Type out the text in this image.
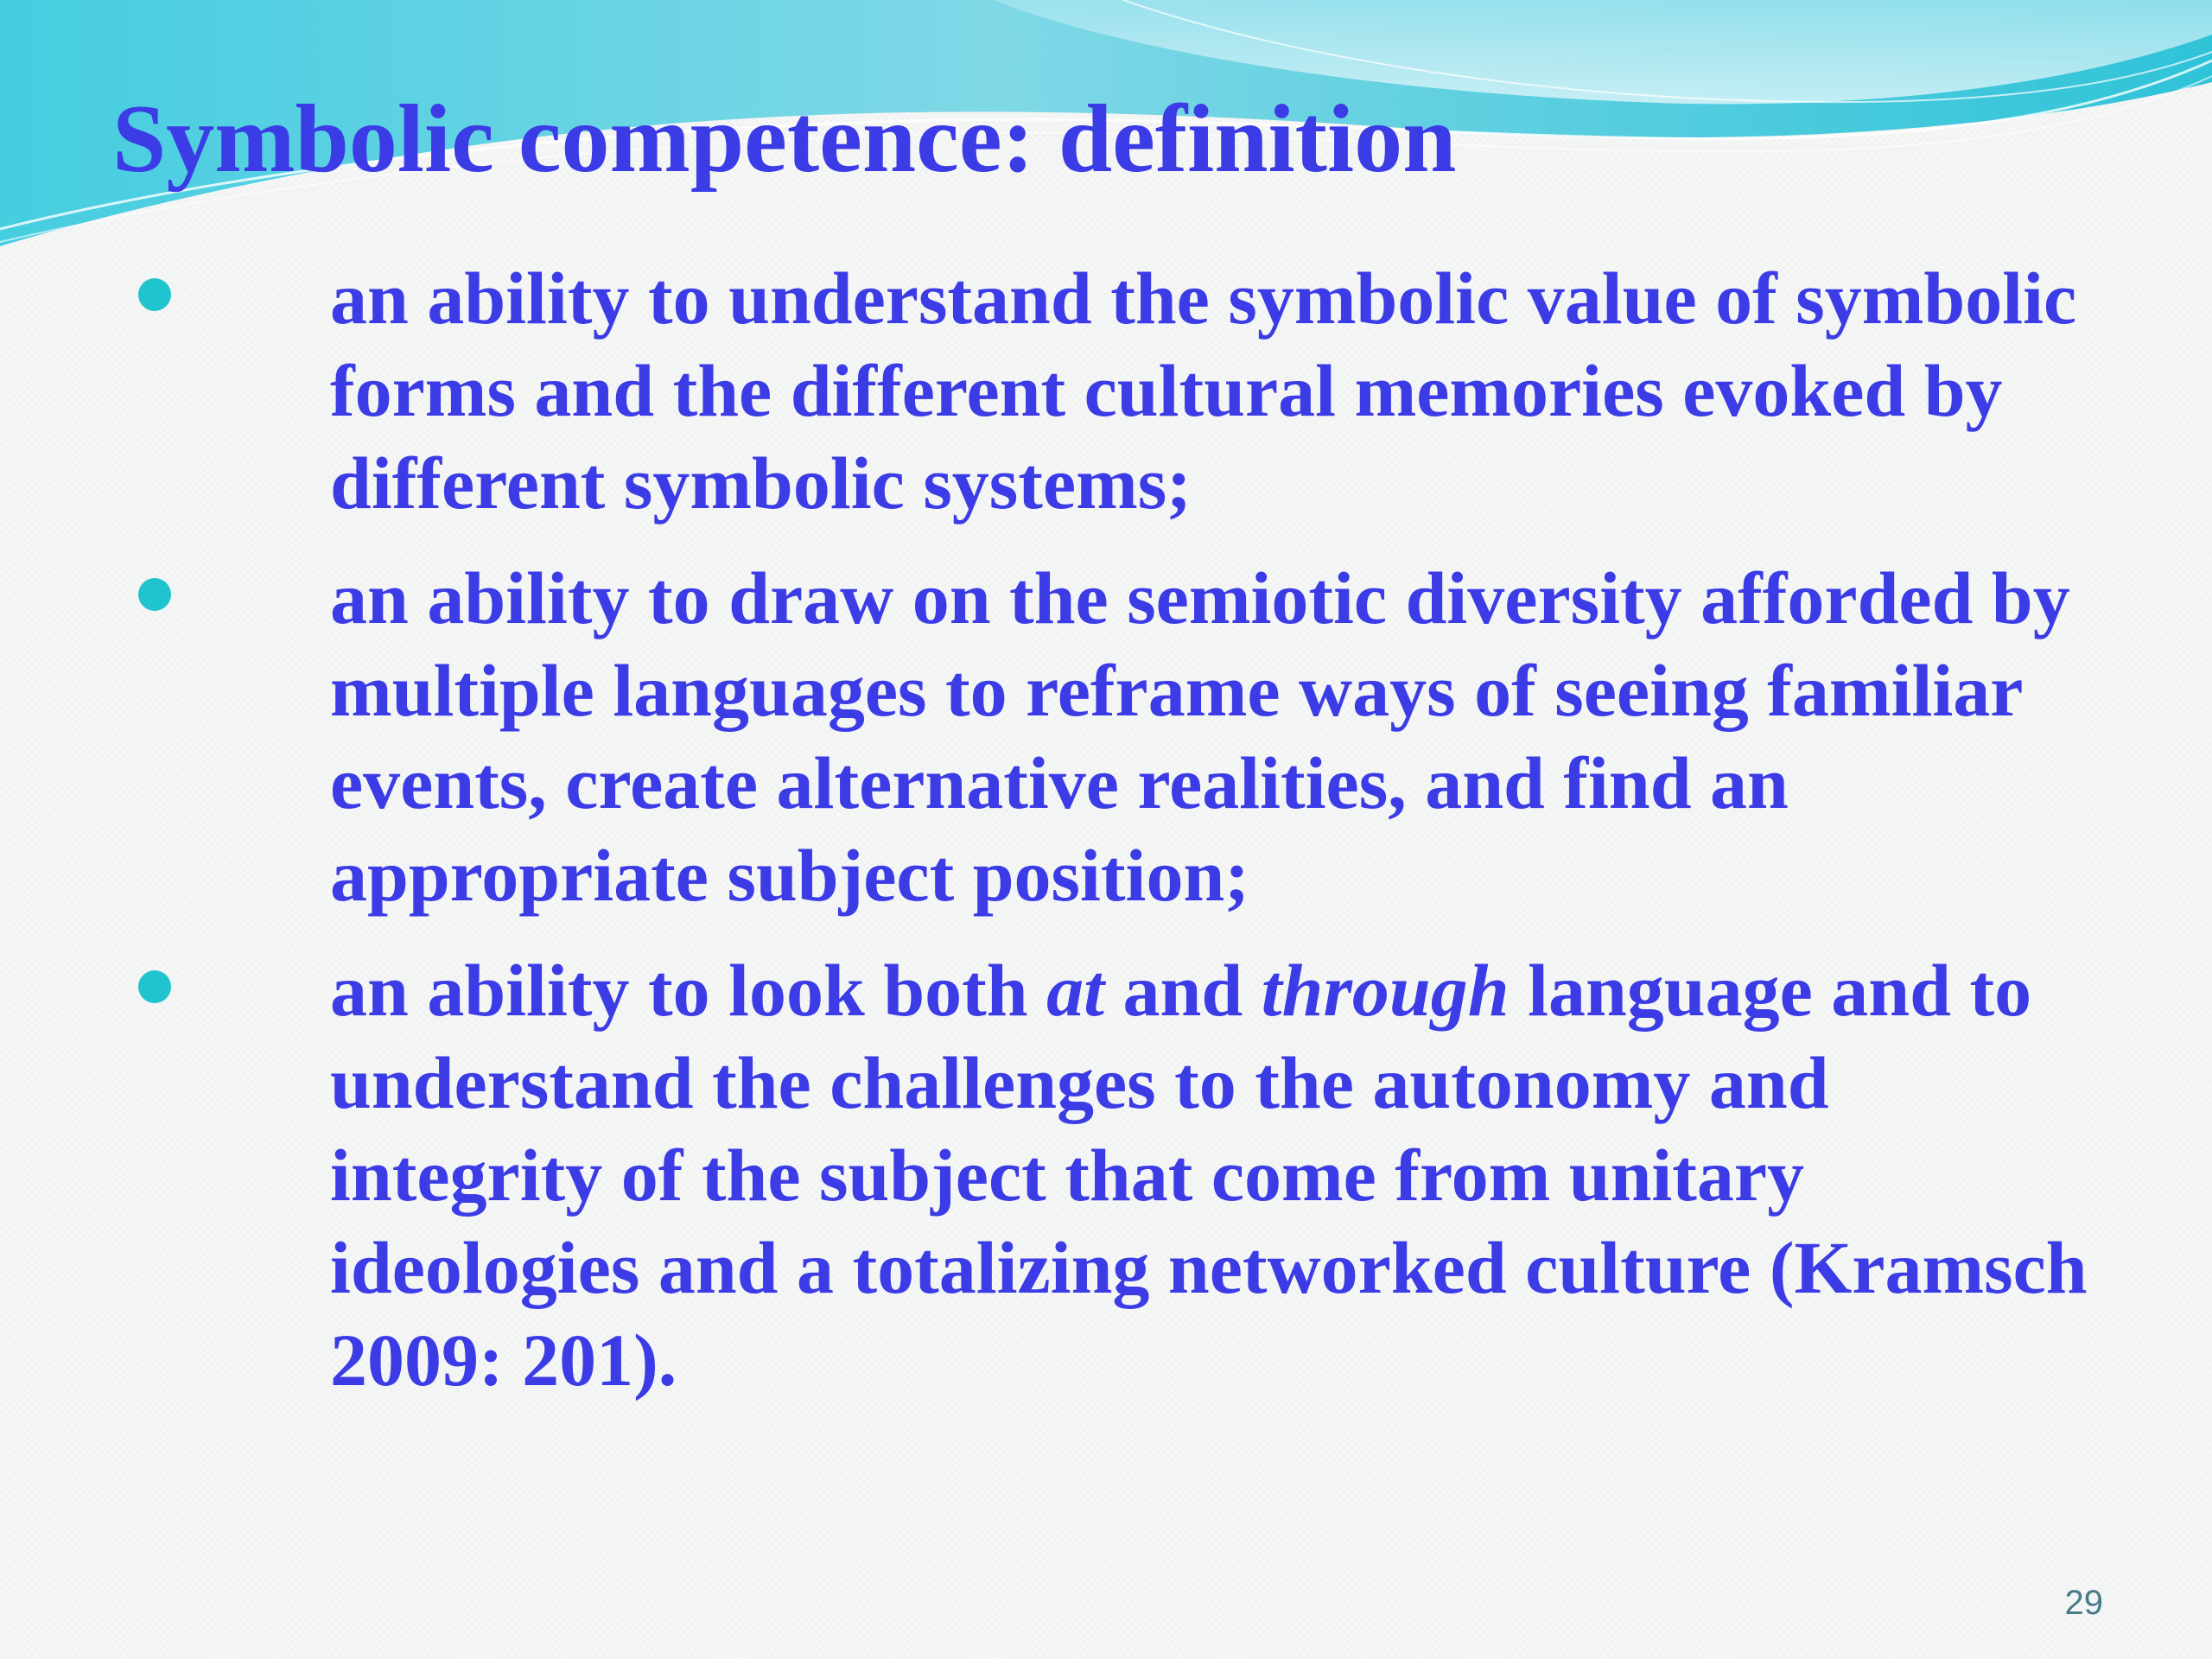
Symbolic competence: definition
an ability to understand the symbolic value of symbolic forms and the different cultural memories evoked by different symbolic systems;
an ability to draw on the semiotic diversity afforded by multiple languages to reframe ways of seeing familiar events, create alternative realities, and find an appropriate subject position;
an ability to look both at and through language and to understand the challenges to the autonomy and integrity of the subject that come from unitary ideologies and a totalizing networked culture (Kramsch 2009: 201).
29
